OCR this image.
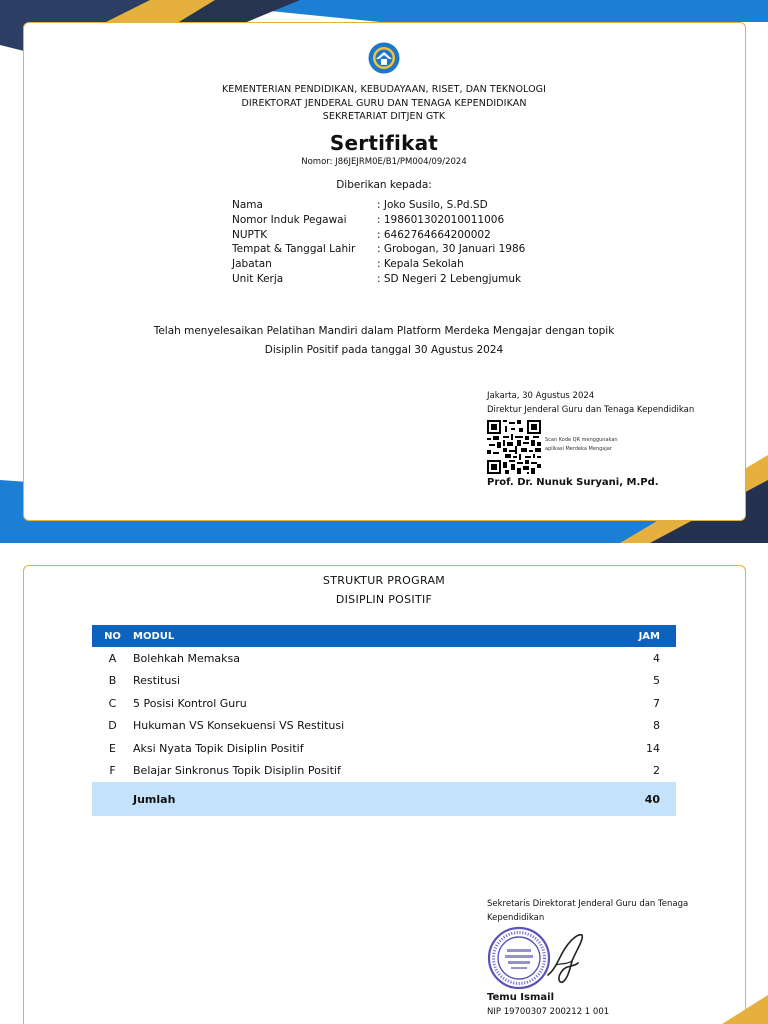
KEMENTERIAN PENDIDIKAN, KEBUDAYAAN, RISET, DAN TEKNOLOGI
DIREKTORAT JENDERAL GURU DAN TENAGA KEPENDIDIKAN
SEKRETARIAT DITJEN GTK
Sertifikat
Nomor: J86JEJRM0E/B1/PM004/09/2024
Diberikan kepada:
Nama	: Joko Susilo, S.Pd.SD
Nomor Induk Pegawai	: 198601302010011006
NUPTK	: 6462764664200002
Tempat & Tanggal Lahir	: Grobogan, 30 Januari 1986
Jabatan	: Kepala Sekolah
Unit Kerja	: SD Negeri 2 Lebengjumuk
Telah menyelesaikan Pelatihan Mandiri dalam Platform Merdeka Mengajar dengan topik
Disiplin Positif pada tanggal 30 Agustus 2024
Jakarta, 30 Agustus 2024
Direktur Jenderal Guru dan Tenaga Kependidikan
Scan Kode QR menggunakan
aplikasi Merdeka Mengajar
Prof. Dr. Nunuk Suryani, M.Pd.
STRUKTUR PROGRAM
DISIPLIN POSITIF
NO	MODUL	JAM
A	Bolehkah Memaksa	4
B	Restitusi	5
C	5 Posisi Kontrol Guru	7
D	Hukuman VS Konsekuensi VS Restitusi	8
E	Aksi Nyata Topik Disiplin Positif	14
F	Belajar Sinkronus Topik Disiplin Positif	2
Jumlah	40
Sekretaris Direktorat Jenderal Guru dan Tenaga
Kependidikan
Temu Ismail
NIP 19700307 200212 1 001
